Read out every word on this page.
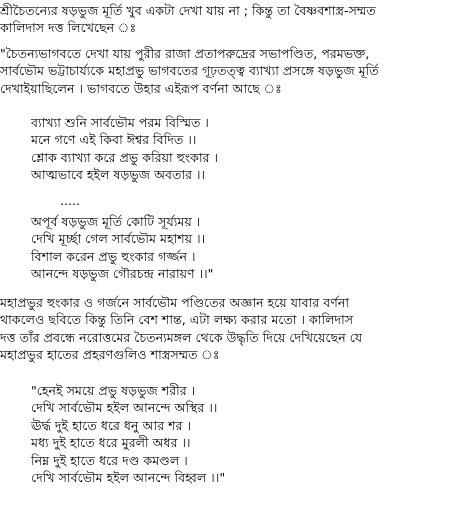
শ্রীচৈতন্যের ষড়ভুজ মূর্তি খুব একটা দেখা যায় না ; কিন্তু তা বৈষ্ণবশাস্ত্র-সম্মত
কালিদাস দত্ত লিখেছেন ঃ
"চৈতন্যভাগবতে দেখা যায় পুরীর রাজা প্রতাপরুদ্রের সভাপণ্ডিত, পরমভক্ত,
সার্বভৌম ভট্টাচার্য্যকে মহাপ্রভু ভাগবতের গূঢ়তত্ত্ব ব্যাখ্যা প্রসঙ্গে ষড়ভুজ মূর্তি
দেখাইয়াছিলেন । ভাগবতে উহার এইরূপ বর্ণনা আছে ঃ
ব্যাখ্যা শুনি সার্বভৌম পরম বিস্মিত ।
মনে গণে এই কিবা ঈশ্বর বিদিত ।।
শ্লোক ব্যাখ্যা করে প্রভু করিয়া হুংকার ।
আত্মভাবে হইল ষড়ভুজ অবতার ।।
.....
অপূর্ব ষড়ভুজ মূর্তি কোটি সূর্য্যময় ।
দেখি মূর্চ্ছা গেল সার্বভৌম মহাশয় ।।
বিশাল করেন প্রভু হুংকার গর্জ্জন ।
আনন্দে ষড়ভুজ গৌরচন্দ্র নারায়ণ ।।"
মহাপ্রভুর হুংকার ও গর্জনে সার্বভৌম পণ্ডিতের অজ্ঞান হয়ে যাবার বর্ণনা
থাকলেও ছবিতে কিন্তু তিনি বেশ শান্ত, এটা লক্ষ্য করার মতো । কালিদাস
দত্ত তাঁর প্রবন্ধে নরোত্তমের চৈতন্যমঙ্গল থেকে উদ্ধৃতি দিয়ে দেখিয়েছেন যে
মহাপ্রভুর হাতের প্রহরণগুলিও শাস্ত্রসম্মত ঃ
"হেনই সময়ে প্রভু ষড়ভুজ শরীর ।
দেখি সার্বভৌম হইল আনন্দে অস্থির ।।
ঊর্দ্ধ দুই হাতে ধরে ধনু আর শর ।
মধ্য দুই হাতে ধরে মুরলী অধর ।।
নিম্ন দুই হাতে ধরে দণ্ড কমণ্ডল ।
দেখি সার্বভৌম হইল আনন্দে বিহ্বল ।।"
